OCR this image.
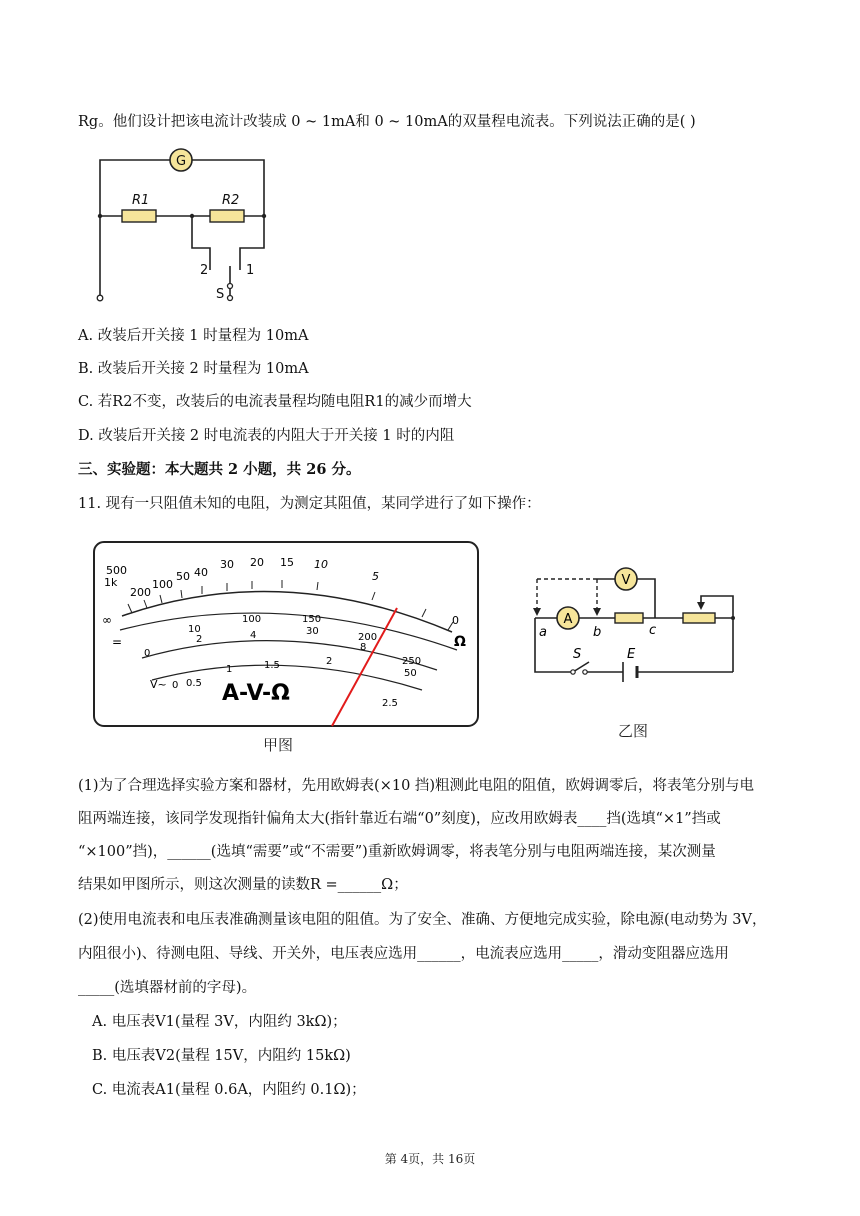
Rg。他们设计把该电流计改装成 0 ~ 1mA和 0 ~ 10mA的双量程电流表。下列说法正确的是( )
G
R1	R2
2	1
S
A. 改装后开关接 1 时量程为 10mA
B. 改装后开关接 2 时量程为 10mA
C. 若R2不变，改装后的电流表量程均随电阻R1的减少而增大
D. 改装后开关接 2 时电流表的内阻大于开关接 1 时的内阻
三、实验题：本大题共 2 小题，共 26 分。
11. 现有一只阻值未知的电阻，为测定其阻值，某同学进行了如下操作：
∞
1k
500
200
100
50 40
30 20 15 10
5
0
Ω
=
0
10
2
100
4
150
30
200
8
250
50
V~ 0 0.5
1	1.5	2
2.5
A-V-Ω
甲图
A
V
a	b	c
S	E
乙图
(1)为了合理选择实验方案和器材，先用欧姆表(×10 挡)粗测此电阻的阻值，欧姆调零后，将表笔分别与电
阻两端连接，该同学发现指针偏角太大(指针靠近右端“0”刻度)，应改用欧姆表____挡(选填“×1”挡或
“×100”挡)，______(选填“需要”或“不需要”)重新欧姆调零，将表笔分别与电阻两端连接，某次测量
结果如甲图所示，则这次测量的读数R =______Ω；
(2)使用电流表和电压表准确测量该电阻的阻值。为了安全、准确、方便地完成实验，除电源(电动势为 3V，
内阻很小)、待测电阻、导线、开关外，电压表应选用______，电流表应选用_____，滑动变阻器应选用
_____(选填器材前的字母)。
A. 电压表V1(量程 3V，内阻约 3kΩ)；
B. 电压表V2(量程 15V，内阻约 15kΩ)
C. 电流表A1(量程 0.6A，内阻约 0.1Ω)；
第 4页，共 16页
